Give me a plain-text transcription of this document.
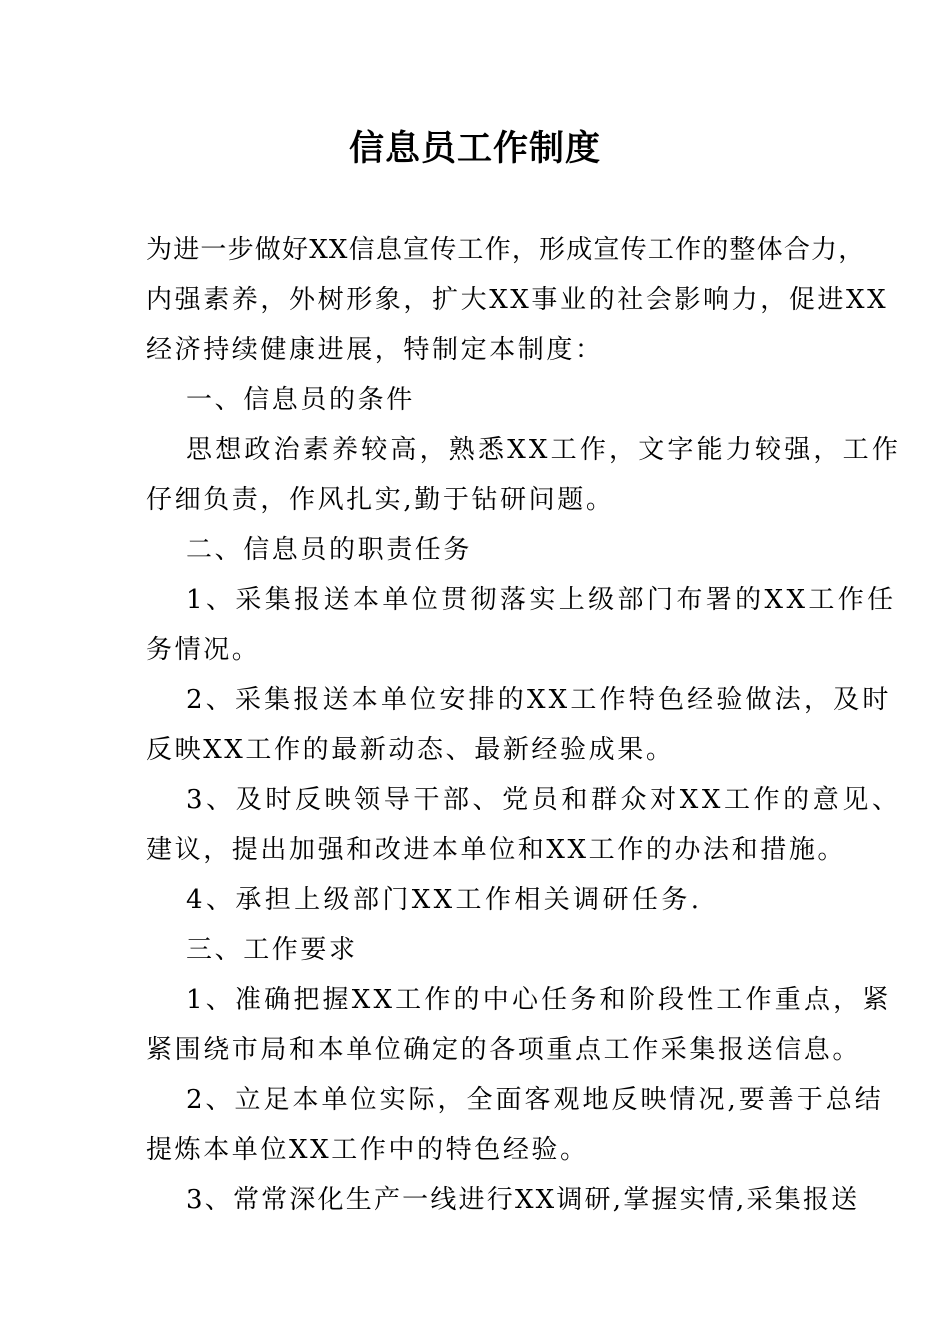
信息员工作制度
为进一步做好XX信息宣传工作，形成宣传工作的整体合力，
内强素养，外树形象，扩大XX事业的社会影响力，促进XX
经济持续健康进展，特制定本制度：
一、信息员的条件
思想政治素养较高，熟悉XX工作，文字能力较强，工作
仔细负责，作风扎实,勤于钻研问题。
二、信息员的职责任务
1、采集报送本单位贯彻落实上级部门布署的XX工作任
务情况。
2、采集报送本单位安排的XX工作特色经验做法，及时
反映XX工作的最新动态、最新经验成果。
3、及时反映领导干部、党员和群众对XX工作的意见、
建议，提出加强和改进本单位和XX工作的办法和措施。
4、承担上级部门XX工作相关调研任务.
三、工作要求
1、准确把握XX工作的中心任务和阶段性工作重点，紧
紧围绕市局和本单位确定的各项重点工作采集报送信息。
2、立足本单位实际，全面客观地反映情况,要善于总结
提炼本单位XX工作中的特色经验。
3、常常深化生产一线进行XX调研,掌握实情,采集报送
